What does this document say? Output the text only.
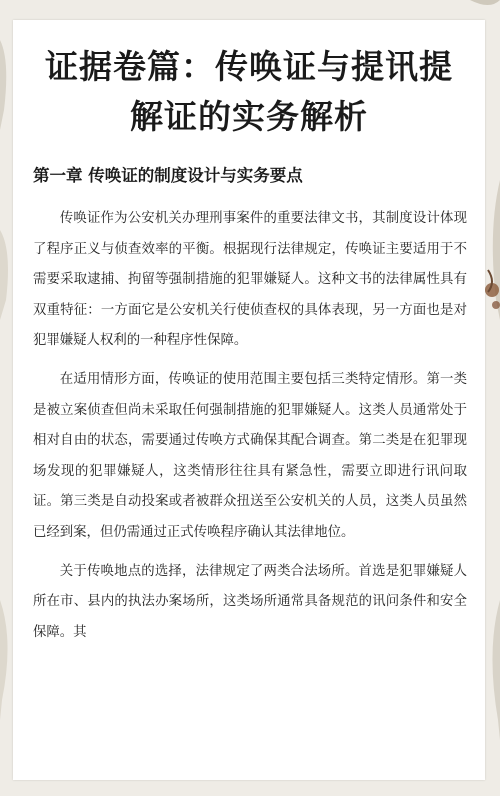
证据卷篇：传唤证与提讯提解证的实务解析
第一章 传唤证的制度设计与实务要点

传唤证作为公安机关办理刑事案件的重要法律文书，其制度设计体现了程序正义与侦查效率的平衡。根据现行法律规定，传唤证主要适用于不需要采取逮捕、拘留等强制措施的犯罪嫌疑人。这种文书的法律属性具有双重特征：一方面它是公安机关行使侦查权的具体表现，另一方面也是对犯罪嫌疑人权利的一种程序性保障。

在适用情形方面，传唤证的使用范围主要包括三类特定情形。第一类是被立案侦查但尚未采取任何强制措施的犯罪嫌疑人。这类人员通常处于相对自由的状态，需要通过传唤方式确保其配合调查。第二类是在犯罪现场发现的犯罪嫌疑人，这类情形往往具有紧急性，需要立即进行讯问取证。第三类是自动投案或者被群众扭送至公安机关的人员，这类人员虽然已经到案，但仍需通过正式传唤程序确认其法律地位。

关于传唤地点的选择，法律规定了两类合法场所。首选是犯罪嫌疑人所在市、县内的执法办案场所，这类场所通常具备规范的讯问条件和安全保障。其
